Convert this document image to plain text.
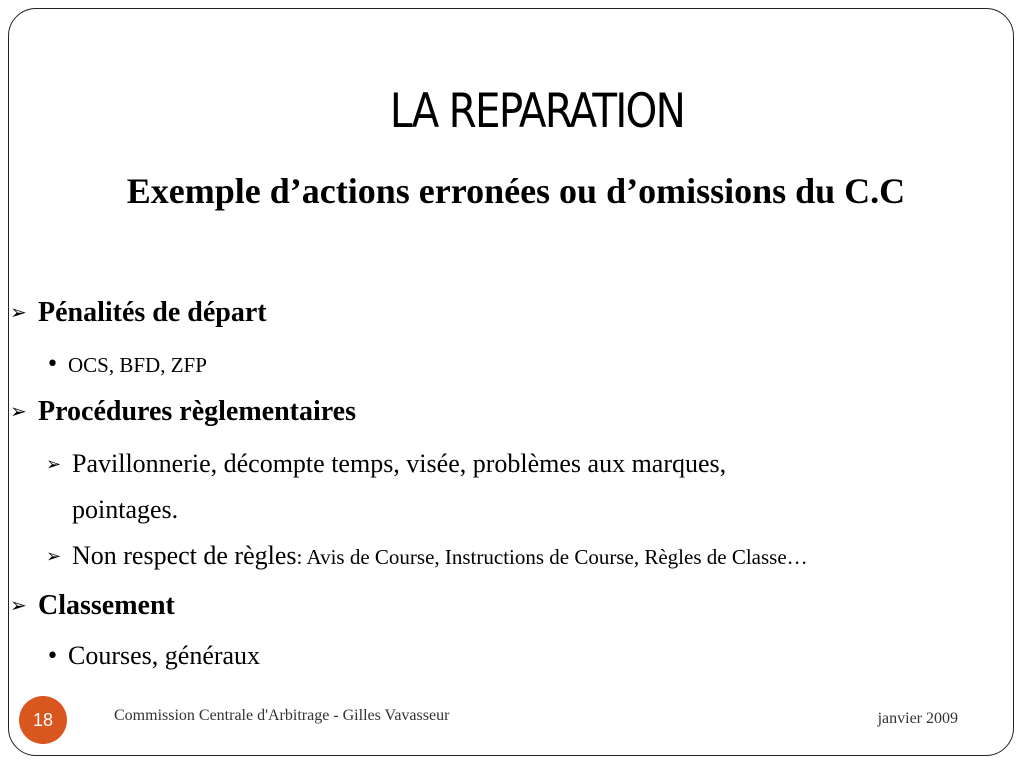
LA REPARATION
Exemple d’actions erronées ou d’omissions du C.C
➢ Pénalités de départ
• OCS, BFD, ZFP
➢ Procédures règlementaires
➢ Pavillonnerie, décompte temps, visée, problèmes aux marques,
pointages.
➢ Non respect de règles: Avis de Course, Instructions de Course, Règles de Classe…
➢ Classement
• Courses, généraux
18	Commission Centrale d'Arbitrage - Gilles Vavasseur	janvier 2009
